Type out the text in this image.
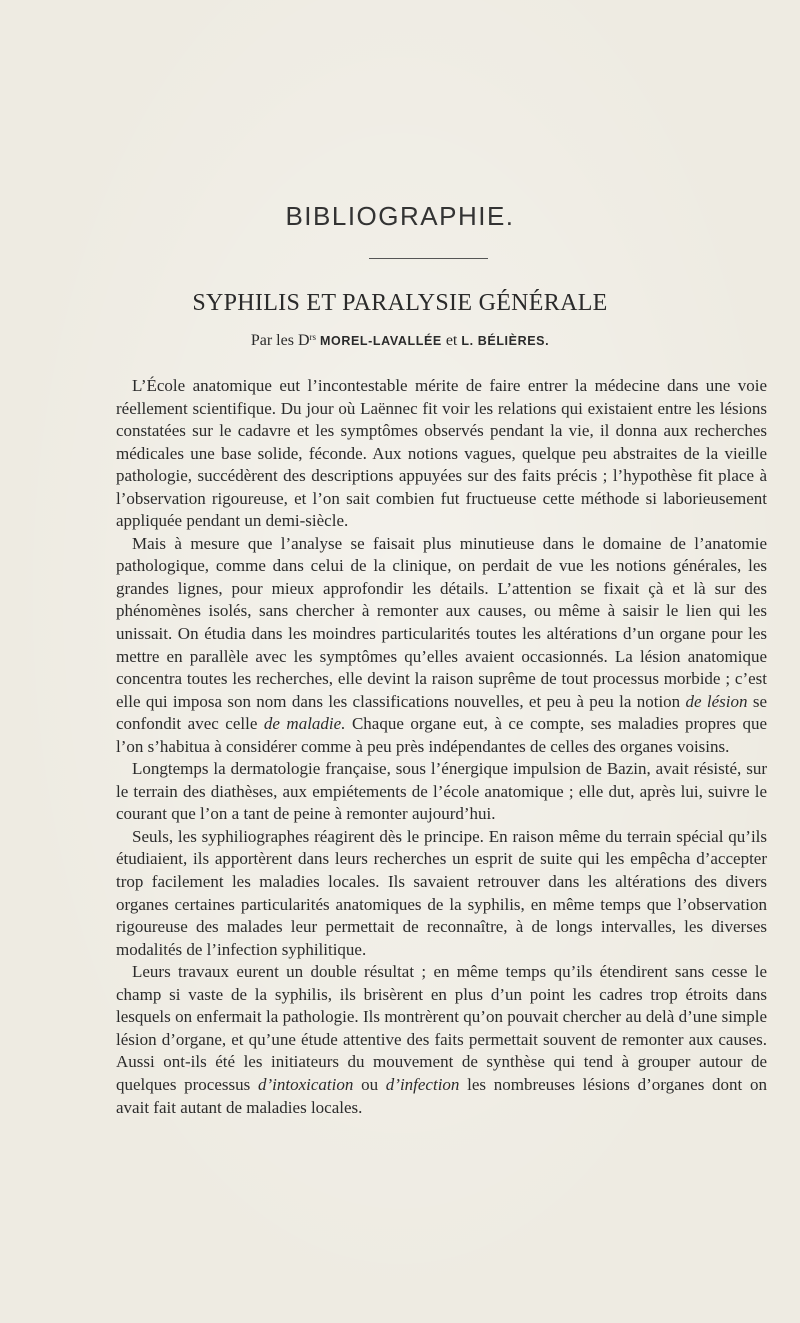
BIBLIOGRAPHIE.
SYPHILIS ET PARALYSIE GÉNÉRALE
Par les $D^{rs}$ MOREL-LAVALLÉE et L. BÉLIÈRES.

L’École anatomique eut l’incontestable mérite de faire entrer la médecine dans une voie réellement scientifique. Du jour où Laënnec fit voir les relations qui existaient entre les lésions constatées sur le cadavre et les symptômes observés pendant la vie, il donna aux recherches médicales une base solide, féconde. Aux notions vagues, quelque peu abstraites de la vieille pathologie, succédèrent des descriptions appuyées sur des faits précis ; l’hypothèse fit place à l’observation rigoureuse, et l’on sait combien fut fructueuse cette méthode si laborieusement appliquée pendant un demi-siècle.

Mais à mesure que l’analyse se faisait plus minutieuse dans le domaine de l’anatomie pathologique, comme dans celui de la clinique, on perdait de vue les notions générales, les grandes lignes, pour mieux approfondir les détails. L’attention se fixait çà et là sur des phénomènes isolés, sans chercher à remonter aux causes, ou même à saisir le lien qui les unissait. On étudia dans les moindres particularités toutes les altérations d’un organe pour les mettre en parallèle avec les symptômes qu’elles avaient occasionnés. La lésion anatomique concentra toutes les recherches, elle devint la raison suprême de tout processus morbide ; c’est elle qui imposa son nom dans les classifications nouvelles, et peu à peu la notion de lésion se confondit avec celle de maladie. Chaque organe eut, à ce compte, ses maladies propres que l’on s’habitua à considérer comme à peu près indépendantes de celles des organes voisins.

Longtemps la dermatologie française, sous l’énergique impulsion de Bazin, avait résisté, sur le terrain des diathèses, aux empiétements de l’école anatomique ; elle dut, après lui, suivre le courant que l’on a tant de peine à remonter aujourd’hui.

Seuls, les syphiliographes réagirent dès le principe. En raison même du terrain spécial qu’ils étudiaient, ils apportèrent dans leurs recherches un esprit de suite qui les empêcha d’accepter trop facilement les maladies locales. Ils savaient retrouver dans les altérations des divers organes certaines particularités anatomiques de la syphilis, en même temps que l’observation rigoureuse des malades leur permettait de reconnaître, à de longs intervalles, les diverses modalités de l’infection syphilitique.

Leurs travaux eurent un double résultat ; en même temps qu’ils étendirent sans cesse le champ si vaste de la syphilis, ils brisèrent en plus d’un point les cadres trop étroits dans lesquels on enfermait la pathologie. Ils montrèrent qu’on pouvait chercher au delà d’une simple lésion d’organe, et qu’une étude attentive des faits permettait souvent de remonter aux causes. Aussi ont-ils été les initiateurs du mouvement de synthèse qui tend à grouper autour de quelques processus d’intoxication ou d’infection les nombreuses lésions d’organes dont on avait fait autant de maladies locales.
